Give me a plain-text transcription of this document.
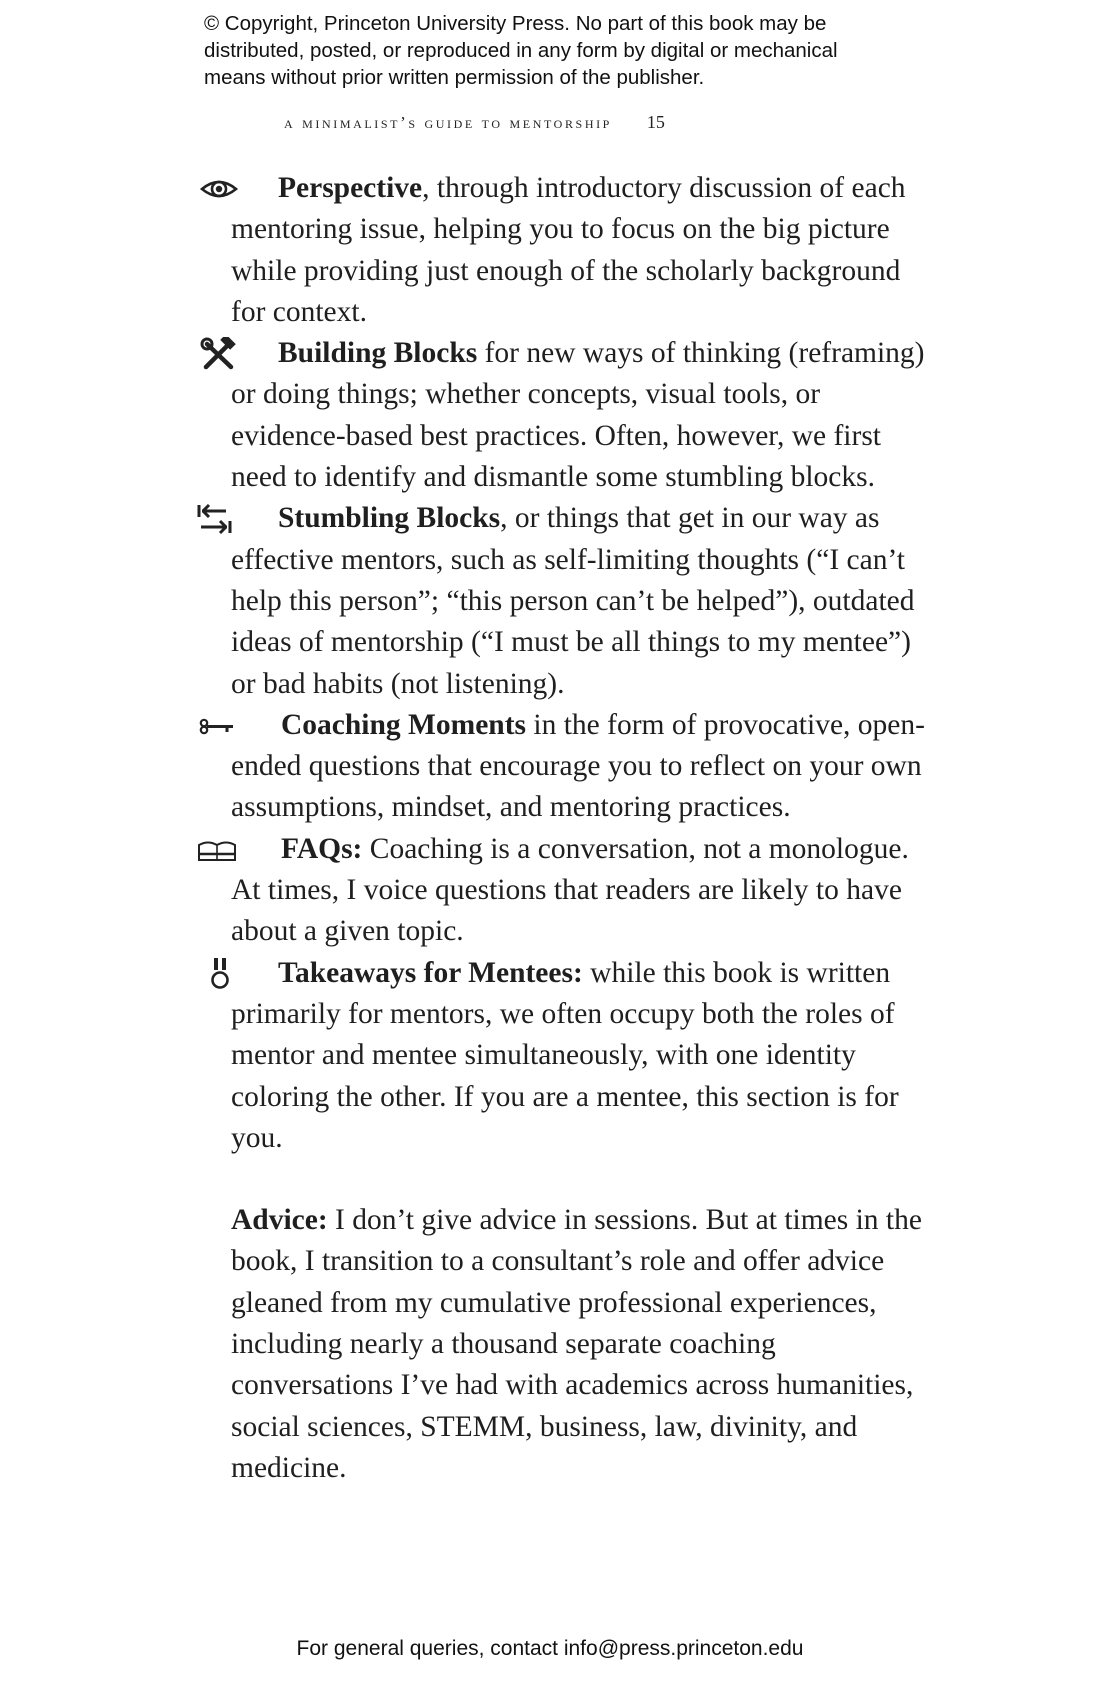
© Copyright, Princeton University Press. No part of this book may be
distributed, posted, or reproduced in any form by digital or mechanical
means without prior written permission of the publisher.
a minimalist’s guide to mentorship 15

Perspective, through introductory discussion of each mentoring issue, helping you to focus on the big picture while providing just enough of the scholarly background for context.

Building Blocks for new ways of thinking (reframing) or doing things; whether concepts, visual tools, or evidence-based best practices. Often, however, we first need to identify and dismantle some stumbling blocks.

Stumbling Blocks, or things that get in our way as effective mentors, such as self-limiting thoughts (“I can’t help this person”; “this person can’t be helped”), outdated ideas of mentorship (“I must be all things to my mentee”) or bad habits (not listening).

Coaching Moments in the form of provocative, open-ended questions that encourage you to reflect on your own assumptions, mindset, and mentoring practices.

FAQs: Coaching is a conversation, not a monologue. At times, I voice questions that readers are likely to have about a given topic.

Takeaways for Mentees: while this book is written primarily for mentors, we often occupy both the roles of mentor and mentee simultaneously, with one identity coloring the other. If you are a mentee, this section is for you.

Advice: I don’t give advice in sessions. But at times in the book, I transition to a consultant’s role and offer advice gleaned from my cumulative professional experiences, including nearly a thousand separate coaching conversations I’ve had with academics across humanities, social sciences, STEMM, business, law, divinity, and medicine.

For general queries, contact info@press.princeton.edu
